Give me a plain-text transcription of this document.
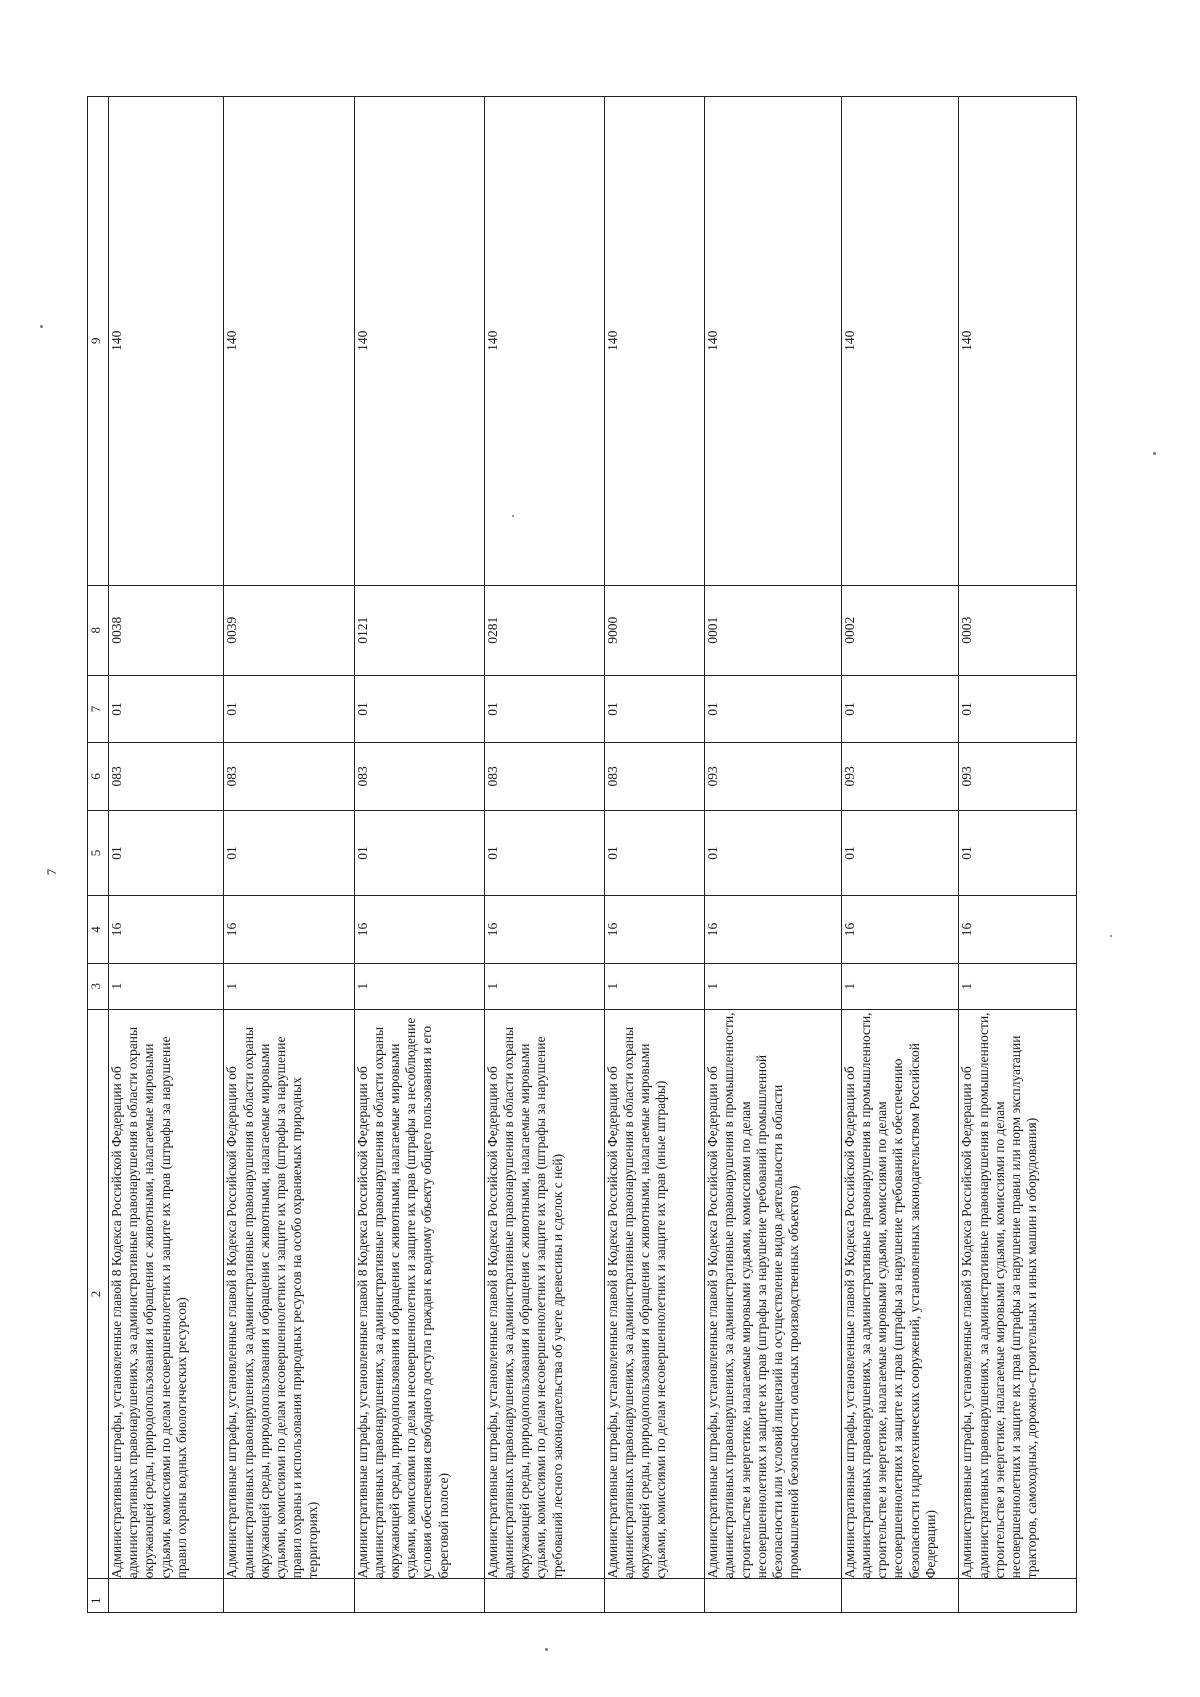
7
1	2	3	4	5	6	7	8	9
	Административные штрафы, установленные главой 8 Кодекса Российской Федерации об административных правонарушениях, за административные правонарушения в области охраны окружающей среды, природопользования и обращения с животными, налагаемые мировыми судьями, комиссиями по делам несовершеннолетних и защите их прав (штрафы за нарушение правил охраны водных биологических ресурсов)	1	16	01	083	01	0038	140
	Административные штрафы, установленные главой 8 Кодекса Российской Федерации об административных правонарушениях, за административные правонарушения в области охраны окружающей среды, природопользования и обращения с животными, налагаемые мировыми судьями, комиссиями по делам несовершеннолетних и защите их прав (штрафы за нарушение правил охраны и использования природных ресурсов на особо охраняемых природных территориях)	1	16	01	083	01	0039	140
	Административные штрафы, установленные главой 8 Кодекса Российской Федерации об административных правонарушениях, за административные правонарушения в области охраны окружающей среды, природопользования и обращения с животными, налагаемые мировыми судьями, комиссиями по делам несовершеннолетних и защите их прав (штрафы за несоблюдение условия обеспечения свободного доступа граждан к водному объекту общего пользования и его береговой полосе)	1	16	01	083	01	0121	140
	Административные штрафы, установленные главой 8 Кодекса Российской Федерации об административных правонарушениях, за административные правонарушения в области охраны окружающей среды, природопользования и обращения с животными, налагаемые мировыми судьями, комиссиями по делам несовершеннолетних и защите их прав (штрафы за нарушение требований лесного законодательства об учете древесины и сделок с ней)	1	16	01	083	01	0281	140
	Административные штрафы, установленные главой 8 Кодекса Российской Федерации об административных правонарушениях, за административные правонарушения в области охраны окружающей среды, природопользования и обращения с животными, налагаемые мировыми судьями, комиссиями по делам несовершеннолетних и защите их прав (иные штрафы)	1	16	01	083	01	9000	140
	Административные штрафы, установленные главой 9 Кодекса Российской Федерации об административных правонарушениях, за административные правонарушения в промышленности, строительстве и энергетике, налагаемые мировыми судьями, комиссиями по делам несовершеннолетних и защите их прав (штрафы за нарушение требований промышленной безопасности или условий лицензий на осуществление видов деятельности в области промышленной безопасности опасных производственных объектов)	1	16	01	093	01	0001	140
	Административные штрафы, установленные главой 9 Кодекса Российской Федерации об административных правонарушениях, за административные правонарушения в промышленности, строительстве и энергетике, налагаемые мировыми судьями, комиссиями по делам несовершеннолетних и защите их прав (штрафы за нарушение требований к обеспечению безопасности гидротехнических сооружений, установленных законодательством Российской Федерации)	1	16	01	093	01	0002	140
	Административные штрафы, установленные главой 9 Кодекса Российской Федерации об административных правонарушениях, за административные правонарушения в промышленности, строительстве и энергетике, налагаемые мировыми судьями, комиссиями по делам несовершеннолетних и защите их прав (штрафы за нарушение правил или норм эксплуатации тракторов, самоходных, дорожно-строительных и иных машин и оборудования)	1	16	01	093	01	0003	140
